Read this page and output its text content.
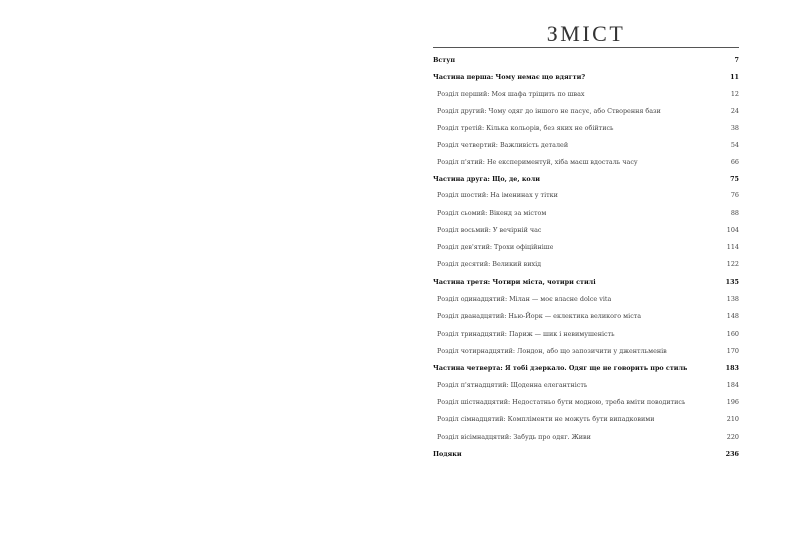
ЗМІСТ
Вступ	7
Частина перша: Чому немає що вдягти?	11
Розділ перший: Моя шафа тріщить по швах	12
Розділ другий: Чому одяг до іншого не пасує, або Створення бази	24
Розділ третій: Кілька кольорів, без яких не обійтись	38
Розділ четвертий: Важливість деталей	54
Розділ п'ятий: Не експериментуй, хіба маєш вдосталь часу	66
Частина друга: Що, де, коли	75
Розділ шостий: На іменинах у тітки	76
Розділ сьомий: Вікенд за містом	88
Розділ восьмий: У вечірній час	104
Розділ дев'ятий: Трохи офіційніше	114
Розділ десятий: Великий вихід	122
Частина третя: Чотири міста, чотири стилі	135
Розділ одинадцятий: Мілан — моє власне dolce vita	138
Розділ дванадцятий: Нью-Йорк — еклектика великого міста	148
Розділ тринадцятий: Париж — шик і невимушеність	160
Розділ чотирнадцятий: Лондон, або що запозичити у джентльменів	170
Частина четверта: Я тобі дзеркало. Одяг ще не говорить про стиль	183
Розділ п'ятнадцятий: Щоденна елегантність	184
Розділ шістнадцятий: Недостатньо бути модною, треба вміти поводитись	196
Розділ сімнадцятий: Компліменти не можуть бути випадковими	210
Розділ вісімнадцятий: Забудь про одяг. Живи	220
Подяки	236
